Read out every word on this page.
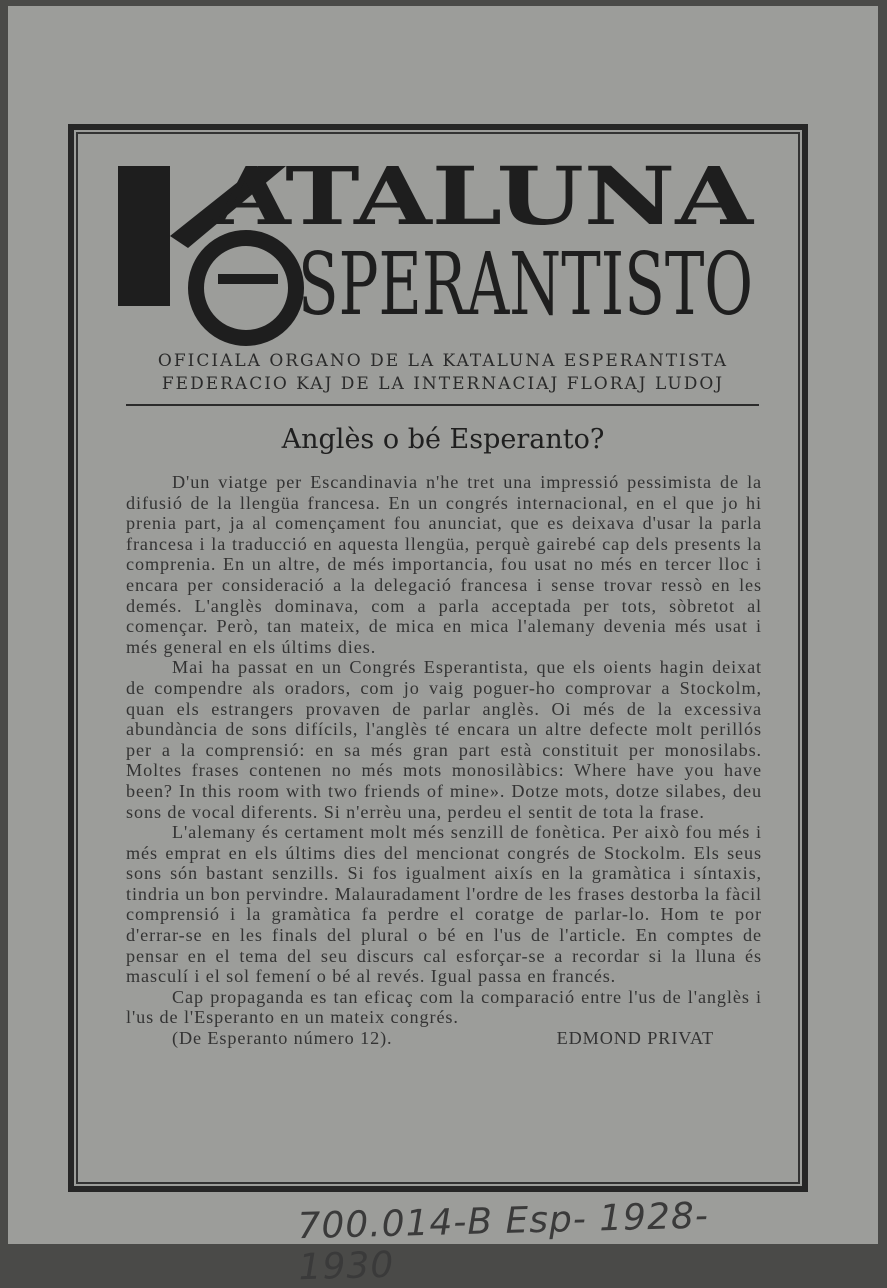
ATALUNA
SPERANTISTO
OFICIALA ORGANO DE LA KATALUNA ESPERANTISTA
FEDERACIO KAJ DE LA INTERNACIAJ FLORAJ LUDOJ
Anglès o bé Esperanto?

D'un viatge per Escandinavia n'he tret una impressió pessimista de la difusió de la llengüa francesa. En un congrés internacional, en el que jo hi prenia part, ja al començament fou anunciat, que es deixava d'usar la parla francesa i la traducció en aquesta llengüa, perquè gairebé cap dels presents la comprenia. En un altre, de més importancia, fou usat no més en tercer lloc i encara per consideració a la delegació francesa i sense trovar ressò en les demés. L'anglès dominava, com a parla acceptada per tots, sòbretot al començar. Però, tan mateix, de mica en mica l'alemany devenia més usat i més general en els últims dies.

Mai ha passat en un Congrés Esperantista, que els oients hagin deixat de compendre als oradors, com jo vaig poguer-ho comprovar a Stockolm, quan els estrangers provaven de parlar anglès. Oi més de la excessiva abundància de sons difícils, l'anglès té encara un altre defecte molt perillós per a la comprensió: en sa més gran part està constituit per monosilabs. Moltes frases contenen no més mots monosilàbics: Where have you have been? In this room with two friends of mine». Dotze mots, dotze silabes, deu sons de vocal diferents. Si n'errèu una, perdeu el sentit de tota la frase.

L'alemany és certament molt més senzill de fonètica. Per això fou més i més emprat en els últims dies del mencionat congrés de Stockolm. Els seus sons són bastant senzills. Si fos igualment aixís en la gramàtica i síntaxis, tindria un bon pervindre. Malauradament l'ordre de les frases destorba la fàcil comprensió i la gramàtica fa perdre el coratge de parlar-lo. Hom te por d'errar-se en les finals del plural o bé en l'us de l'article. En comptes de pensar en el tema del seu discurs cal esforçar-se a recordar si la lluna és masculí i el sol femení o bé al revés. Igual passa en francés.

Cap propaganda es tan eficaç com la comparació entre l'us de l'anglès i l'us de l'Esperanto en un mateix congrés.

(De Esperanto número 12).	EDMOND PRIVAT
700.014-B Esp- 1928-1930
